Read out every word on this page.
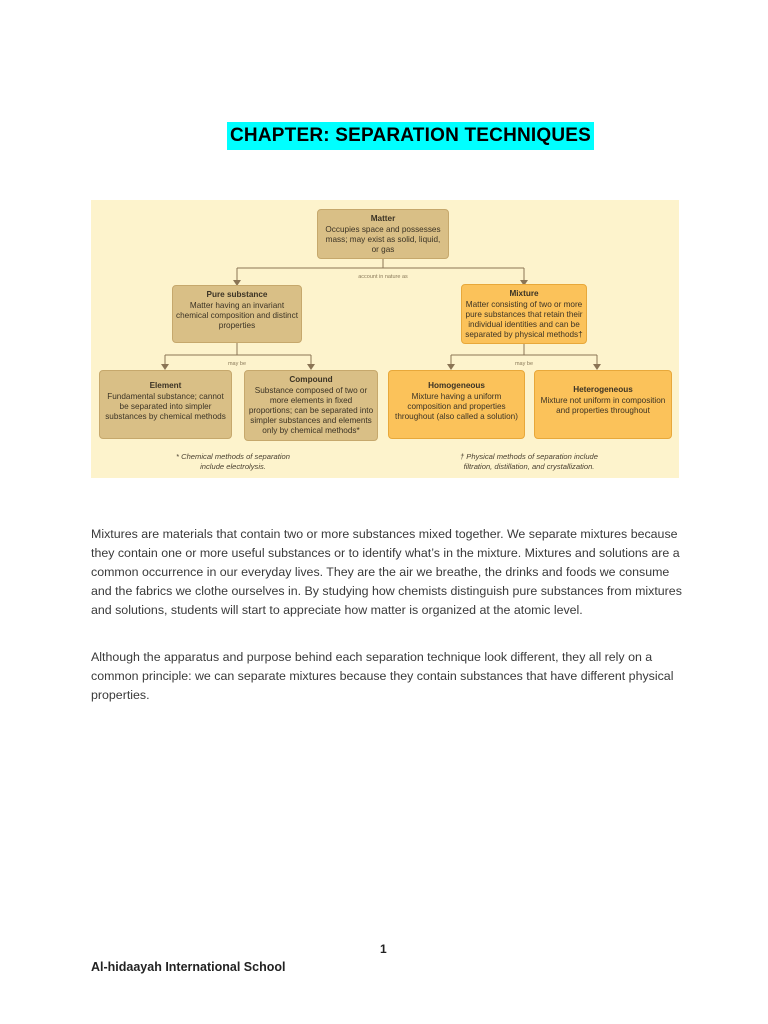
CHAPTER: SEPARATION TECHNIQUES
Matter
Occupies space and possesses mass; may exist as solid, liquid, or gas
account in nature as
Pure substance
Matter having an invariant chemical composition and distinct properties
Mixture
Matter consisting of two or more pure substances that retain their individual identities and can be separated by physical methods†
may be	may be
Element
Fundamental substance; cannot be separated into simpler substances by chemical methods
Compound
Substance composed of two or more elements in fixed proportions; can be separated into simpler substances and elements only by chemical methods*
Homogeneous
Mixture having a uniform composition and properties throughout (also called a solution)
Heterogeneous
Mixture not uniform in composition and properties throughout
* Chemical methods of separation include electrolysis.
† Physical methods of separation include filtration, distillation, and crystallization.

Mixtures are materials that contain two or more substances mixed together. We separate mixtures because they contain one or more useful substances or to identify what’s in the mixture. Mixtures and solutions are a common occurrence in our everyday lives. They are the air we breathe, the drinks and foods we consume and the fabrics we clothe ourselves in. By studying how chemists distinguish pure substances from mixtures and solutions, students will start to appreciate how matter is organized at the atomic level.

Although the apparatus and purpose behind each separation technique look different, they all rely on a common principle: we can separate mixtures because they contain substances that have different physical properties.

1
Al-hidaayah International School
